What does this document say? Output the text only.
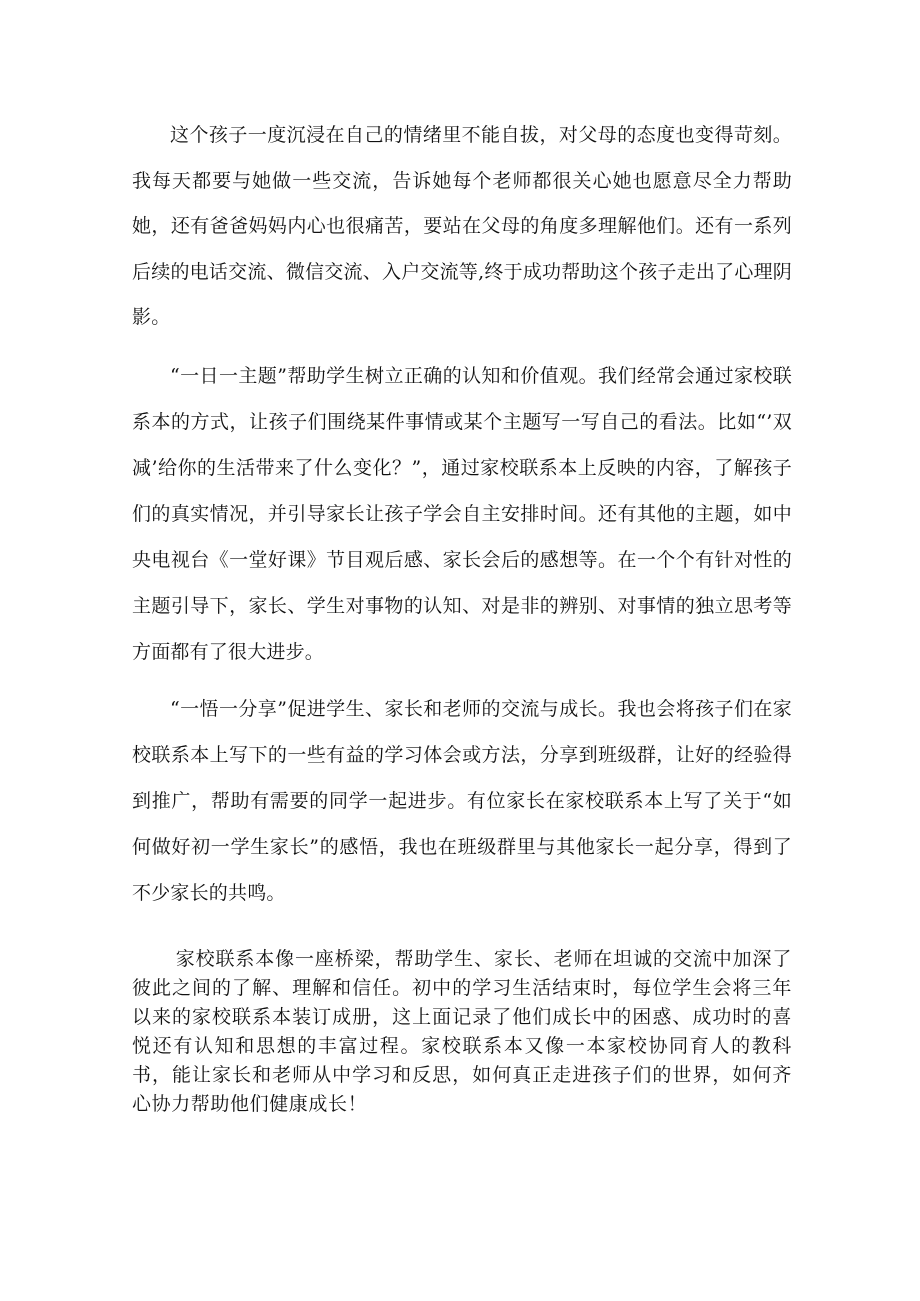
这个孩子一度沉浸在自己的情绪里不能自拔，对父母的态度也变得苛刻。我每天都要与她做一些交流，告诉她每个老师都很关心她也愿意尽全力帮助她，还有爸爸妈妈内心也很痛苦，要站在父母的角度多理解他们。还有一系列后续的电话交流、微信交流、入户交流等,终于成功帮助这个孩子走出了心理阴影。

“一日一主题”帮助学生树立正确的认知和价值观。我们经常会通过家校联系本的方式，让孩子们围绕某件事情或某个主题写一写自己的看法。比如“’双减’给你的生活带来了什么变化？”，通过家校联系本上反映的内容，了解孩子们的真实情况，并引导家长让孩子学会自主安排时间。还有其他的主题，如中央电视台《一堂好课》节目观后感、家长会后的感想等。在一个个有针对性的主题引导下，家长、学生对事物的认知、对是非的辨别、对事情的独立思考等方面都有了很大进步。

“一悟一分享”促进学生、家长和老师的交流与成长。我也会将孩子们在家校联系本上写下的一些有益的学习体会或方法，分享到班级群，让好的经验得到推广，帮助有需要的同学一起进步。有位家长在家校联系本上写了关于“如何做好初一学生家长”的感悟，我也在班级群里与其他家长一起分享，得到了不少家长的共鸣。

家校联系本像一座桥梁，帮助学生、家长、老师在坦诚的交流中加深了彼此之间的了解、理解和信任。初中的学习生活结束时，每位学生会将三年以来的家校联系本装订成册，这上面记录了他们成长中的困惑、成功时的喜悦还有认知和思想的丰富过程。家校联系本又像一本家校协同育人的教科书，能让家长和老师从中学习和反思，如何真正走进孩子们的世界，如何齐心协力帮助他们健康成长！
